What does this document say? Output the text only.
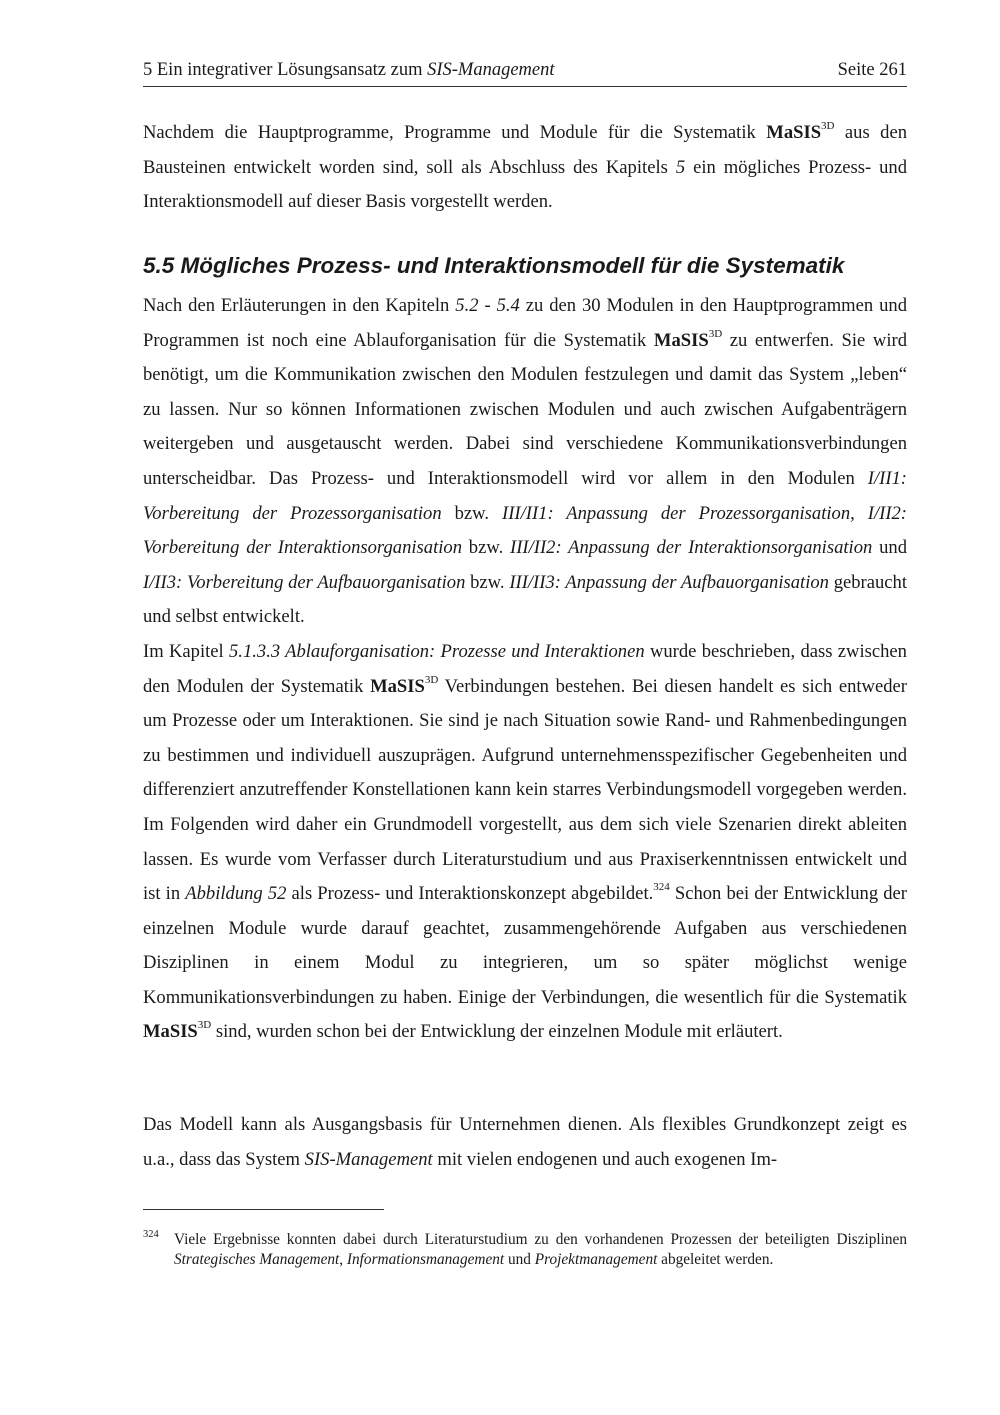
5 Ein integrativer Lösungsansatz zum SIS-Management	Seite 261

Nachdem die Hauptprogramme, Programme und Module für die Systematik MaSIS$^{3D}$ aus den Bausteinen entwickelt worden sind, soll als Abschluss des Kapitels 5 ein mögliches Prozess- und Interaktionsmodell auf dieser Basis vorgestellt werden.

5.5 Mögliches Prozess- und Interaktionsmodell für die Systematik

Nach den Erläuterungen in den Kapiteln 5.2 - 5.4 zu den 30 Modulen in den Hauptprogrammen und Programmen ist noch eine Ablauforganisation für die Systematik MaSIS$^{3D}$ zu entwerfen. Sie wird benötigt, um die Kommunikation zwischen den Modulen festzulegen und damit das System „leben“ zu lassen. Nur so können Informationen zwischen Modulen und auch zwischen Aufgabenträgern weitergeben und ausgetauscht werden. Dabei sind verschiedene Kommunikationsverbindungen unterscheidbar. Das Prozess- und Interaktionsmodell wird vor allem in den Modulen I/II1: Vorbereitung der Prozessorganisation bzw. III/II1: Anpassung der Prozessorganisation, I/II2: Vorbereitung der Interaktionsorganisation bzw. III/II2: Anpassung der Interaktionsorganisation und I/II3: Vorbereitung der Aufbauorganisation bzw. III/II3: Anpassung der Aufbauorganisation gebraucht und selbst entwickelt.

Im Kapitel 5.1.3.3 Ablauforganisation: Prozesse und Interaktionen wurde beschrieben, dass zwischen den Modulen der Systematik MaSIS$^{3D}$ Verbindungen bestehen. Bei diesen handelt es sich entweder um Prozesse oder um Interaktionen. Sie sind je nach Situation sowie Rand- und Rahmenbedingungen zu bestimmen und individuell auszuprägen. Aufgrund unternehmensspezifischer Gegebenheiten und differenziert anzutreffender Konstellationen kann kein starres Verbindungsmodell vorgegeben werden. Im Folgenden wird daher ein Grundmodell vorgestellt, aus dem sich viele Szenarien direkt ableiten lassen. Es wurde vom Verfasser durch Literaturstudium und aus Praxiserkenntnissen entwickelt und ist in Abbildung 52 als Prozess- und Interaktionskonzept abgebildet.$^{324}$ Schon bei der Entwicklung der einzelnen Module wurde darauf geachtet, zusammengehörende Aufgaben aus verschiedenen Disziplinen in einem Modul zu integrieren, um so später möglichst wenige Kommunikationsverbindungen zu haben. Einige der Verbindungen, die wesentlich für die Systematik MaSIS$^{3D}$ sind, wurden schon bei der Entwicklung der einzelnen Module mit erläutert.

Das Modell kann als Ausgangsbasis für Unternehmen dienen. Als flexibles Grundkonzept zeigt es u.a., dass das System SIS-Management mit vielen endogenen und auch exogenen Im-

324 Viele Ergebnisse konnten dabei durch Literaturstudium zu den vorhandenen Prozessen der beteiligten Disziplinen Strategisches Management, Informationsmanagement und Projektmanagement abgeleitet werden.
